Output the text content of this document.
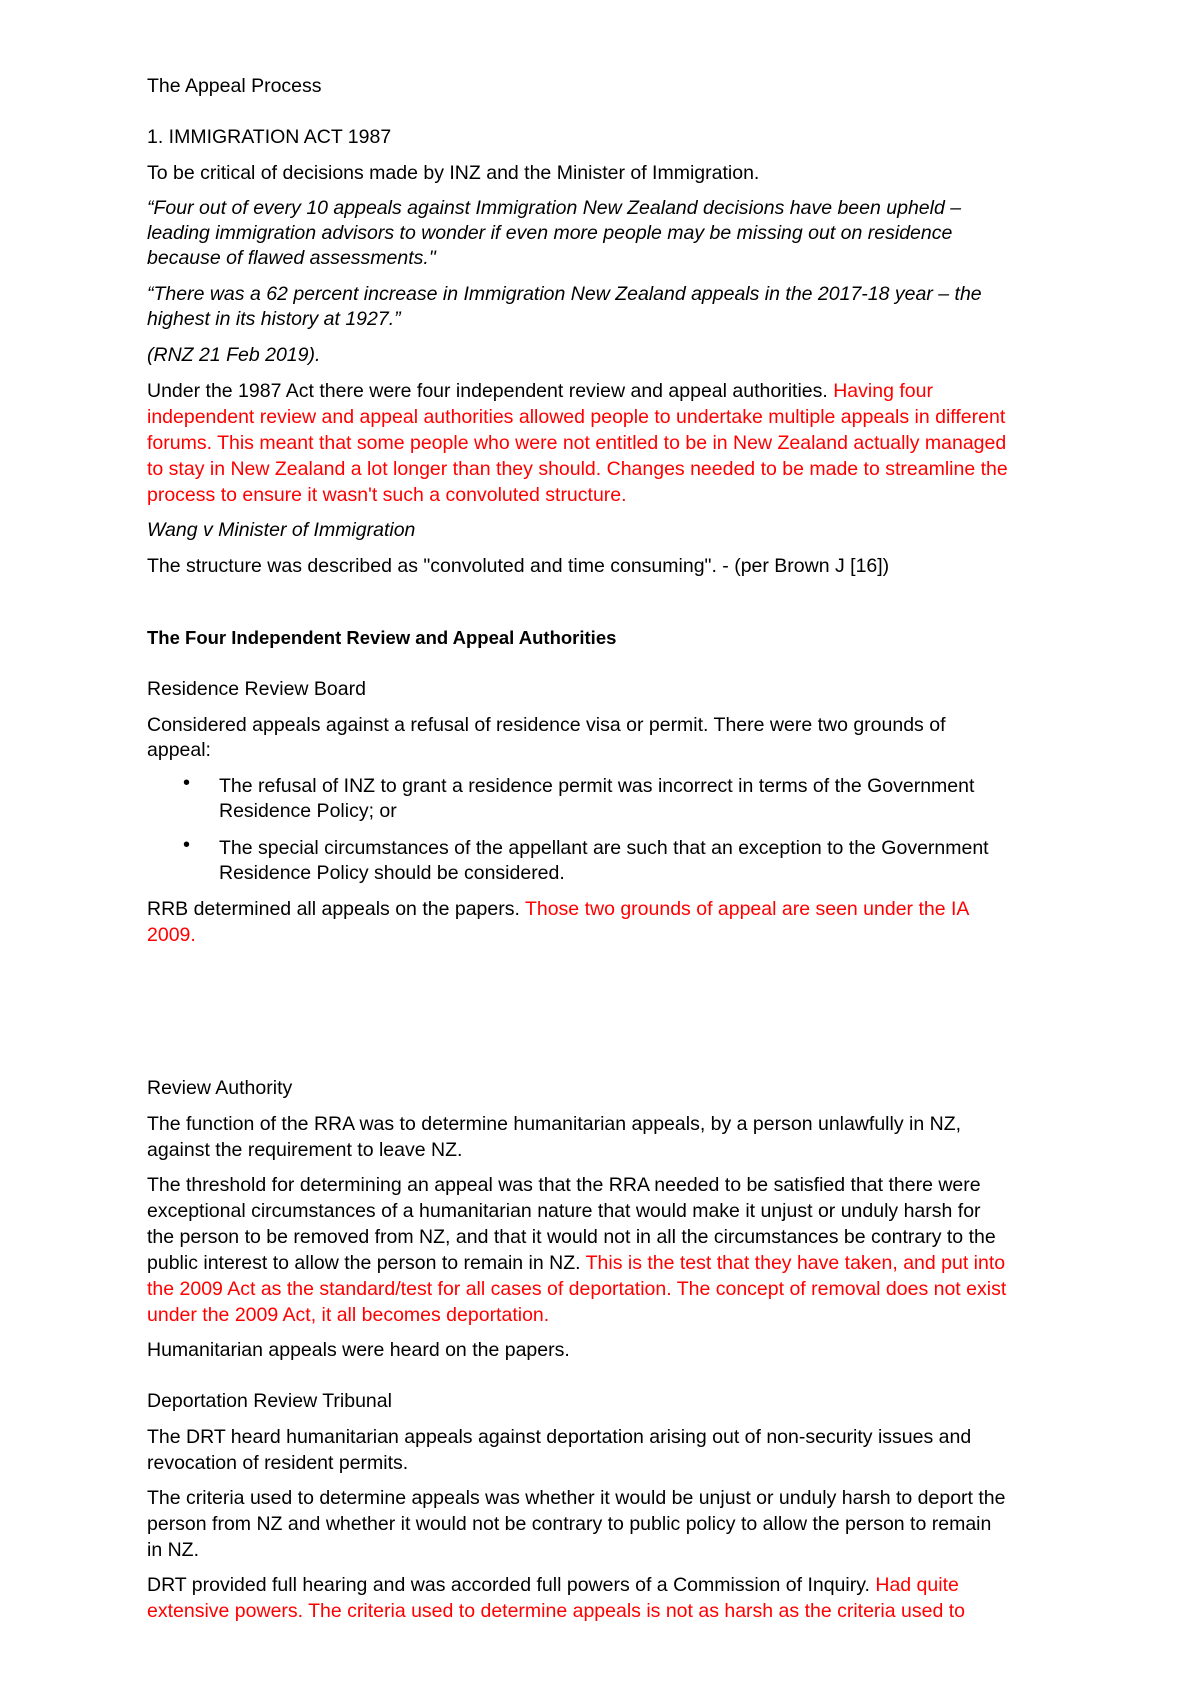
The Appeal Process

1. IMMIGRATION ACT 1987

To be critical of decisions made by INZ and the Minister of Immigration.

“Four out of every 10 appeals against Immigration New Zealand decisions have been upheld –

leading immigration advisors to wonder if even more people may be missing out on residence

because of flawed assessments."

“There was a 62 percent increase in Immigration New Zealand appeals in the 2017-18 year – the

highest in its history at 1927.”

(RNZ 21 Feb 2019).

Under the 1987 Act there were four independent review and appeal authorities. Having four

independent review and appeal authorities allowed people to undertake multiple appeals in different

forums. This meant that some people who were not entitled to be in New Zealand actually managed

to stay in New Zealand a lot longer than they should. Changes needed to be made to streamline the

process to ensure it wasn't such a convoluted structure.

Wang v Minister of Immigration

The structure was described as "convoluted and time consuming". - (per Brown J [16])

The Four Independent Review and Appeal Authorities

Residence Review Board

Considered appeals against a refusal of residence visa or permit. There were two grounds of

appeal:

• The refusal of INZ to grant a residence permit was incorrect in terms of the Government

Residence Policy; or

• The special circumstances of the appellant are such that an exception to the Government

Residence Policy should be considered.

RRB determined all appeals on the papers. Those two grounds of appeal are seen under the IA

2009.

Review Authority

The function of the RRA was to determine humanitarian appeals, by a person unlawfully in NZ,

against the requirement to leave NZ.

The threshold for determining an appeal was that the RRA needed to be satisfied that there were

exceptional circumstances of a humanitarian nature that would make it unjust or unduly harsh for

the person to be removed from NZ, and that it would not in all the circumstances be contrary to the

public interest to allow the person to remain in NZ. This is the test that they have taken, and put into

the 2009 Act as the standard/test for all cases of deportation. The concept of removal does not exist

under the 2009 Act, it all becomes deportation.

Humanitarian appeals were heard on the papers.

Deportation Review Tribunal

The DRT heard humanitarian appeals against deportation arising out of non-security issues and

revocation of resident permits.

The criteria used to determine appeals was whether it would be unjust or unduly harsh to deport the

person from NZ and whether it would not be contrary to public policy to allow the person to remain

in NZ.

DRT provided full hearing and was accorded full powers of a Commission of Inquiry. Had quite

extensive powers. The criteria used to determine appeals is not as harsh as the criteria used to
